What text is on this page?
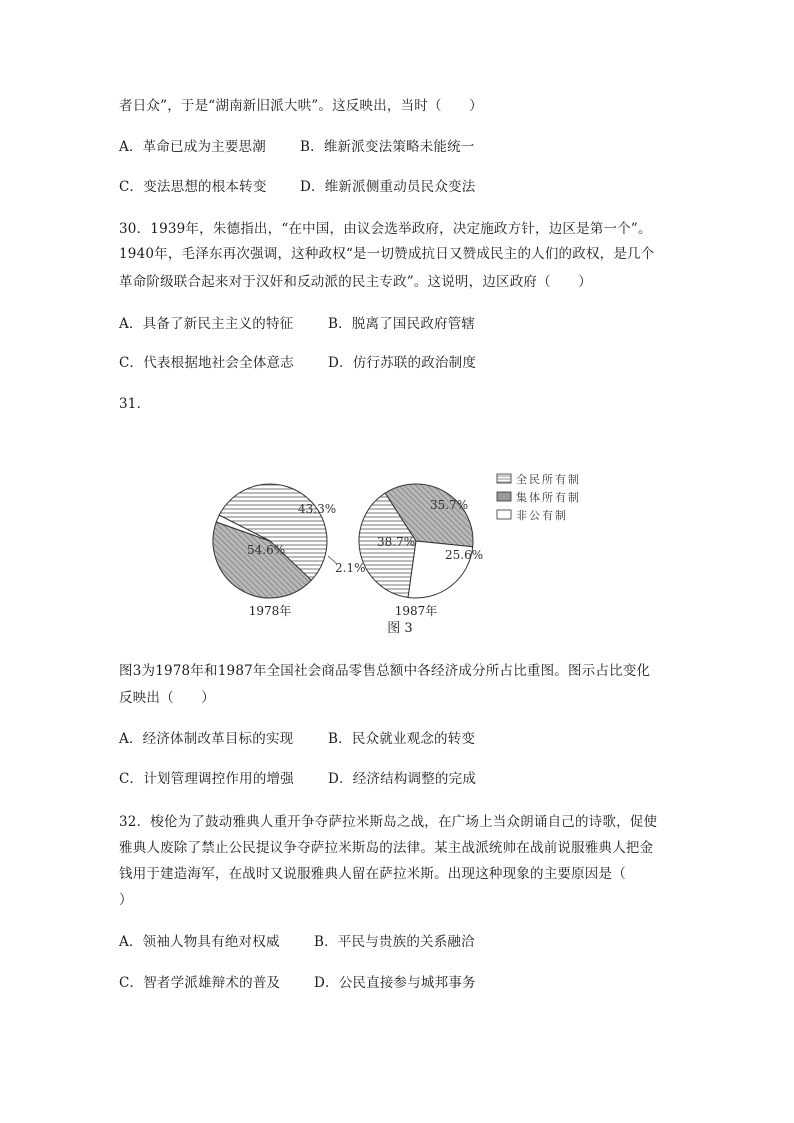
者日众”，于是“湖南新旧派大哄”。这反映出，当时（　　）
A．革命已成为主要思潮	B．维新派变法策略未能统一
C．变法思想的根本转变 D．维新派侧重动员民众变法
30．1939年，朱德指出，“在中国，由议会选举政府，决定施政方针，边区是第一个”。
1940年，毛泽东再次强调，这种政权“是一切赞成抗日又赞成民主的人们的政权，是几个
革命阶级联合起来对于汉奸和反动派的民主专政”。这说明，边区政府（　　）
A．具备了新民主主义的特征	B．脱离了国民政府管辖
C．代表根据地社会全体意志	D．仿行苏联的政治制度
31．
图3为1978年和1987年全国社会商品零售总额中各经济成分所占比重图。图示占比变化
反映出（　　）
A．经济体制改革目标的实现	B．民众就业观念的转变
C．计划管理调控作用的增强	D．经济结构调整的完成
32．梭伦为了鼓动雅典人重开争夺萨拉米斯岛之战，在广场上当众朗诵自己的诗歌，促使
雅典人废除了禁止公民提议争夺萨拉米斯岛的法律。某主战派统帅在战前说服雅典人把金
钱用于建造海军，在战时又说服雅典人留在萨拉米斯。出现这种现象的主要原因是（
）
A．领袖人物具有绝对权威	B．平民与贵族的关系融洽
C．智者学派雄辩术的普及	D．公民直接参与城邦事务
54.6%
43.3%
2.1%
1978年
38.7%
35.7%
25.6%
1987年
全民所有制
集体所有制
非公有制
图 3
